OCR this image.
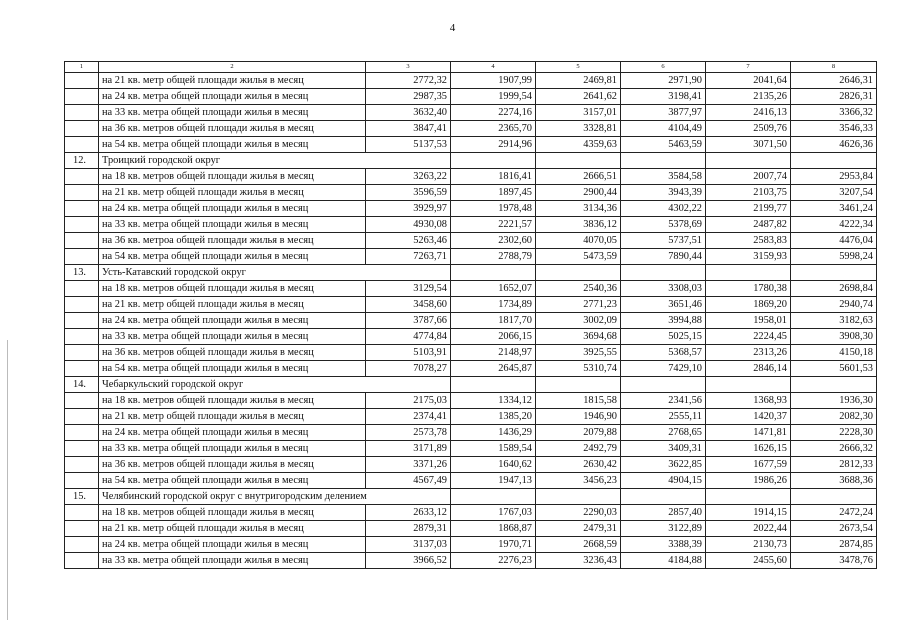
4
1	2	3	4	5	6	7	8
	на 21 кв. метр общей площади жилья в месяц	2772,32	1907,99	2469,81	2971,90	2041,64	2646,31
	на 24 кв. метра общей площади жилья в месяц	2987,35	1999,54	2641,62	3198,41	2135,26	2826,31
	на 33 кв. метра общей площади жилья в месяц	3632,40	2274,16	3157,01	3877,97	2416,13	3366,32
	на 36 кв. метров общей площади жилья в месяц	3847,41	2365,70	3328,81	4104,49	2509,76	3546,33
	на 54 кв. метра общей площади жилья в месяц	5137,53	2914,96	4359,63	5463,59	3071,50	4626,36
12.	Троицкий городской округ						
	на 18 кв. метров общей площади жилья в месяц	3263,22	1816,41	2666,51	3584,58	2007,74	2953,84
	на 21 кв. метр общей площади жилья в месяц	3596,59	1897,45	2900,44	3943,39	2103,75	3207,54
	на 24 кв. метра общей площади жилья в месяц	3929,97	1978,48	3134,36	4302,22	2199,77	3461,24
	на 33 кв. метра общей площади жилья в месяц	4930,08	2221,57	3836,12	5378,69	2487,82	4222,34
	на 36 кв. метроа общей площади жилья в месяц	5263,46	2302,60	4070,05	5737,51	2583,83	4476,04
	на 54 кв. метра общей площади жилья в месяц	7263,71	2788,79	5473,59	7890,44	3159,93	5998,24
13.	Усть-Катавский городской округ						
	на 18 кв. метров общей площади жилья в месяц	3129,54	1652,07	2540,36	3308,03	1780,38	2698,84
	на 21 кв. метр общей площади жилья в месяц	3458,60	1734,89	2771,23	3651,46	1869,20	2940,74
	на 24 кв. метра общей площади жилья в месяц	3787,66	1817,70	3002,09	3994,88	1958,01	3182,63
	на 33 кв. метра общей площади жилья в месяц	4774,84	2066,15	3694,68	5025,15	2224,45	3908,30
	на 36 кв. метров общей площади жилья в месяц	5103,91	2148,97	3925,55	5368,57	2313,26	4150,18
	на 54 кв. метра общей площади жилья в месяц	7078,27	2645,87	5310,74	7429,10	2846,14	5601,53
14.	Чебаркульский городской округ						
	на 18 кв. метров общей площади жилья в месяц	2175,03	1334,12	1815,58	2341,56	1368,93	1936,30
	на 21 кв. метр общей площади жилья в месяц	2374,41	1385,20	1946,90	2555,11	1420,37	2082,30
	на 24 кв. метра общей площади жилья в месяц	2573,78	1436,29	2079,88	2768,65	1471,81	2228,30
	на 33 кв. метра общей площади жилья в месяц	3171,89	1589,54	2492,79	3409,31	1626,15	2666,32
	на 36 кв. метров общей площади жилья в месяц	3371,26	1640,62	2630,42	3622,85	1677,59	2812,33
	на 54 кв. метра общей площади жилья в месяц	4567,49	1947,13	3456,23	4904,15	1986,26	3688,36
15.	Челябинский городской округ с внутригородским делением						
	на 18 кв. метров общей площади жилья в месяц	2633,12	1767,03	2290,03	2857,40	1914,15	2472,24
	на 21 кв. метр общей площади жилья в месяц	2879,31	1868,87	2479,31	3122,89	2022,44	2673,54
	на 24 кв. метра общей площади жилья в месяц	3137,03	1970,71	2668,59	3388,39	2130,73	2874,85
	на 33 кв. метра общей площади жилья в месяц	3966,52	2276,23	3236,43	4184,88	2455,60	3478,76
